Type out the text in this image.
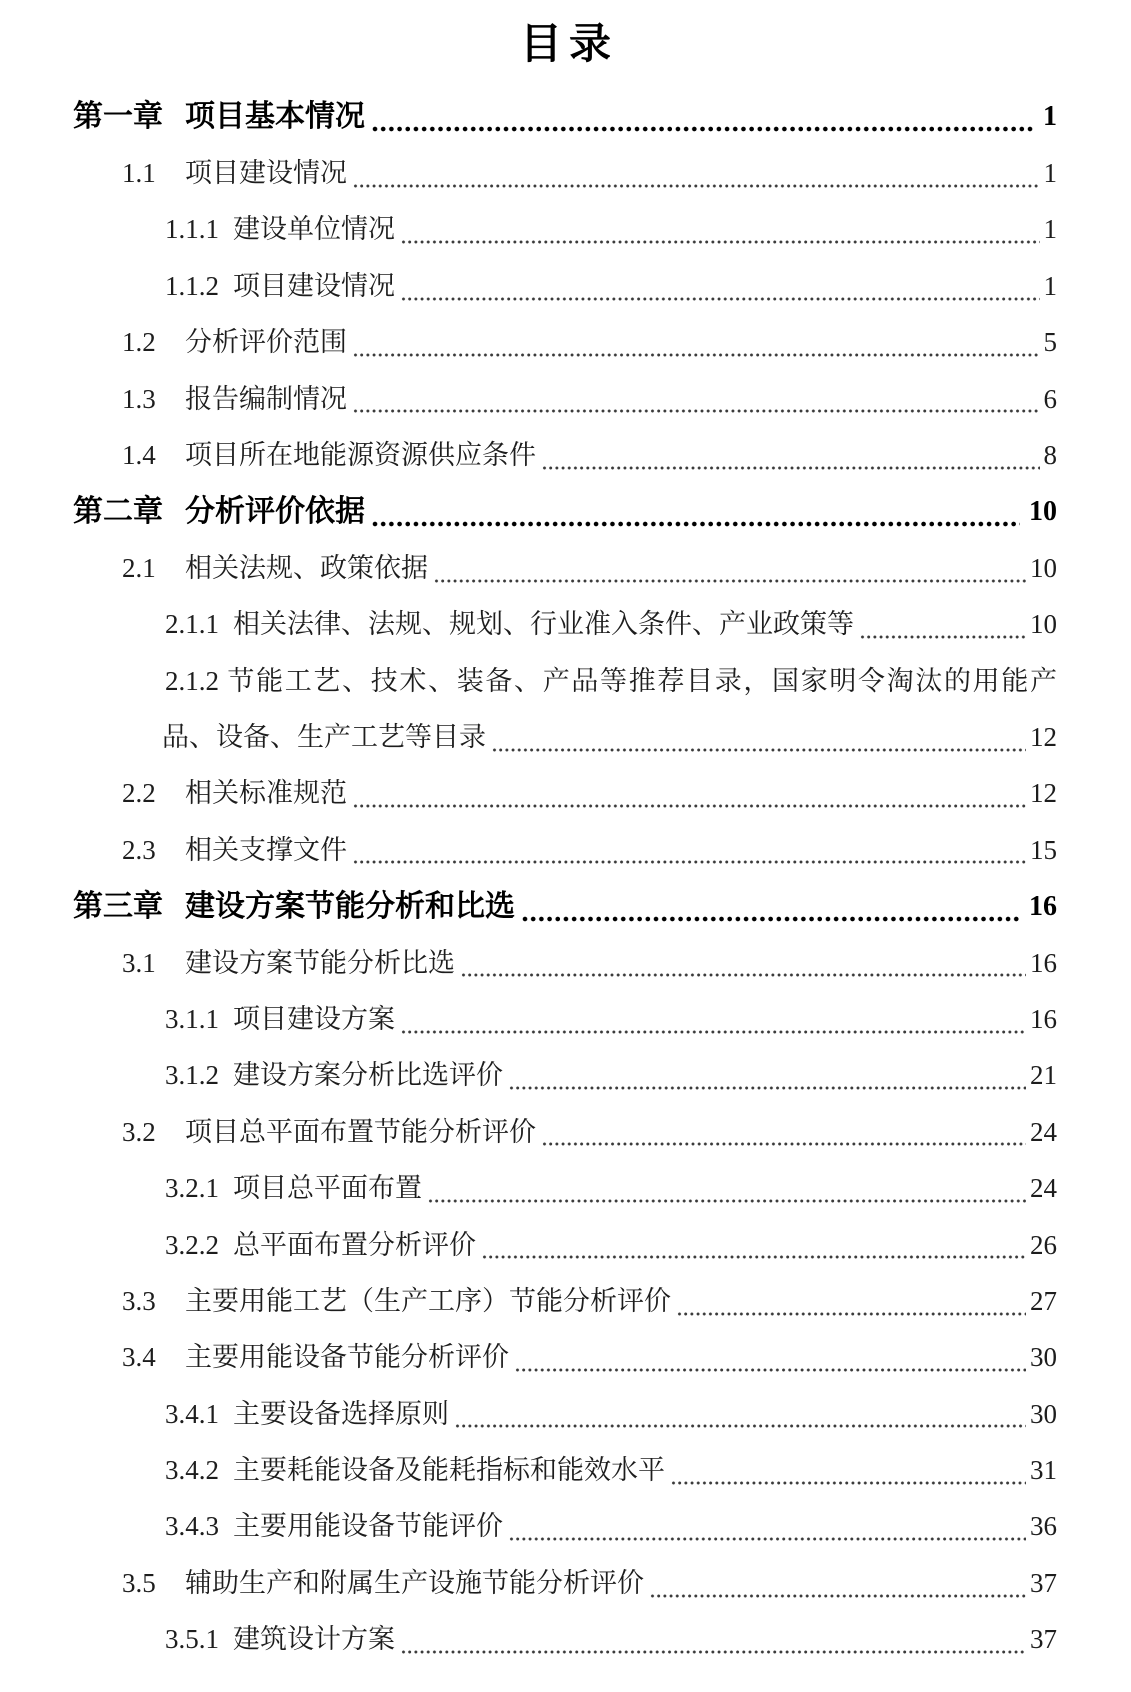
目录
第一章 项目基本情况	1
1.1	项目建设情况	1
1.1.1 建设单位情况	1
1.1.2 项目建设情况	1
1.2	分析评价范围	5
1.3	报告编制情况	6
1.4	项目所在地能源资源供应条件	8
第二章 分析评价依据	10
2.1	相关法规、政策依据	10
2.1.1 相关法律、法规、规划、行业准入条件、产业政策等	10
2.1.2 节能工艺、技术、装备、产品等推荐目录，国家明令淘汰的用能产
品、设备、生产工艺等目录	12
2.2	相关标准规范	12
2.3	相关支撑文件	15
第三章 建设方案节能分析和比选	16
3.1	建设方案节能分析比选	16
3.1.1 项目建设方案	16
3.1.2 建设方案分析比选评价	21
3.2	项目总平面布置节能分析评价	24
3.2.1 项目总平面布置	24
3.2.2 总平面布置分析评价	26
3.3	主要用能工艺（生产工序）节能分析评价	27
3.4	主要用能设备节能分析评价	30
3.4.1 主要设备选择原则	30
3.4.2 主要耗能设备及能耗指标和能效水平	31
3.4.3 主要用能设备节能评价	36
3.5	辅助生产和附属生产设施节能分析评价	37
3.5.1 建筑设计方案	37
